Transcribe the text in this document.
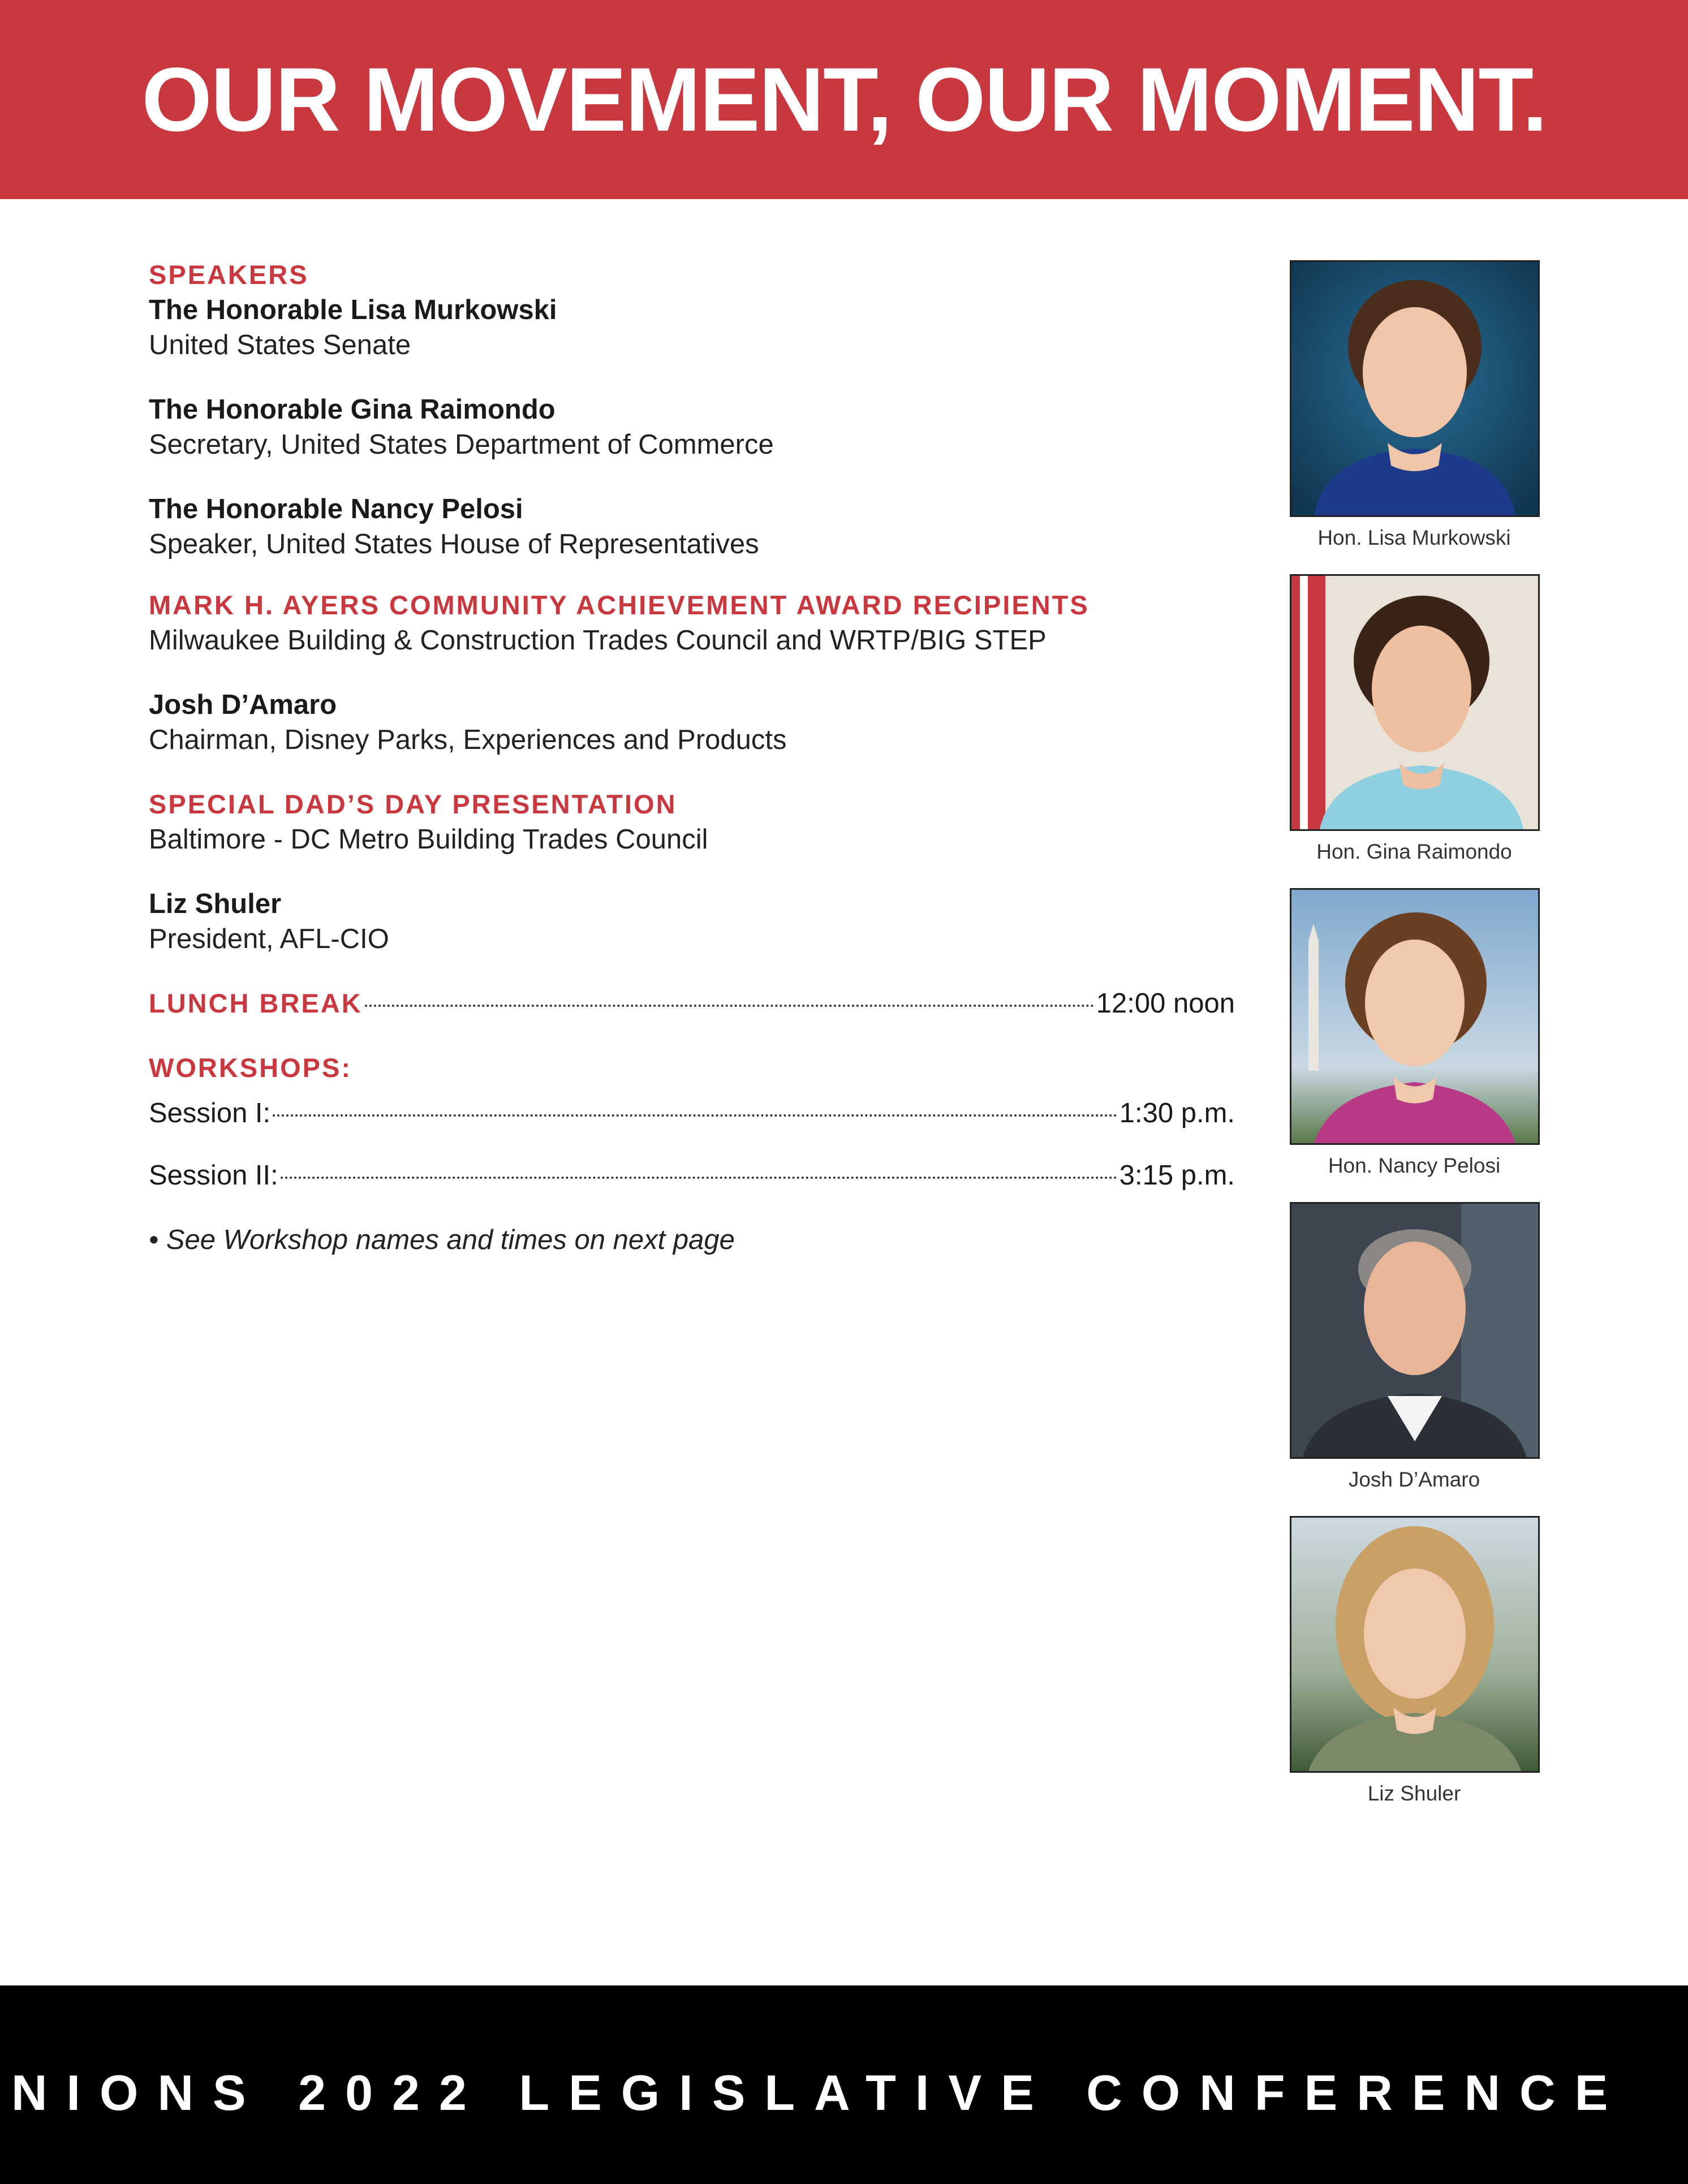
OUR MOVEMENT, OUR MOMENT.

SPEAKERS

The Honorable Lisa Murkowski

United States Senate

The Honorable Gina Raimondo

Secretary, United States Department of Commerce

The Honorable Nancy Pelosi

Speaker, United States House of Representatives

MARK H. AYERS COMMUNITY ACHIEVEMENT AWARD RECIPIENTS

Milwaukee Building & Construction Trades Council and WRTP/BIG STEP

Josh D’Amaro

Chairman, Disney Parks, Experiences and Products

SPECIAL DAD’S DAY PRESENTATION

Baltimore - DC Metro Building Trades Council

Liz Shuler

President, AFL-CIO

LUNCH BREAK	12:00 noon

WORKSHOPS:

Session I:	1:30 p.m.
Session II:	3:15 p.m.

• See Workshop names and times on next page

Hon. Lisa Murkowski
Hon. Gina Raimondo
Hon. Nancy Pelosi
Josh D’Amaro
Liz Shuler
NIONS 2022 LEGISLATIVE CONFERENCE
